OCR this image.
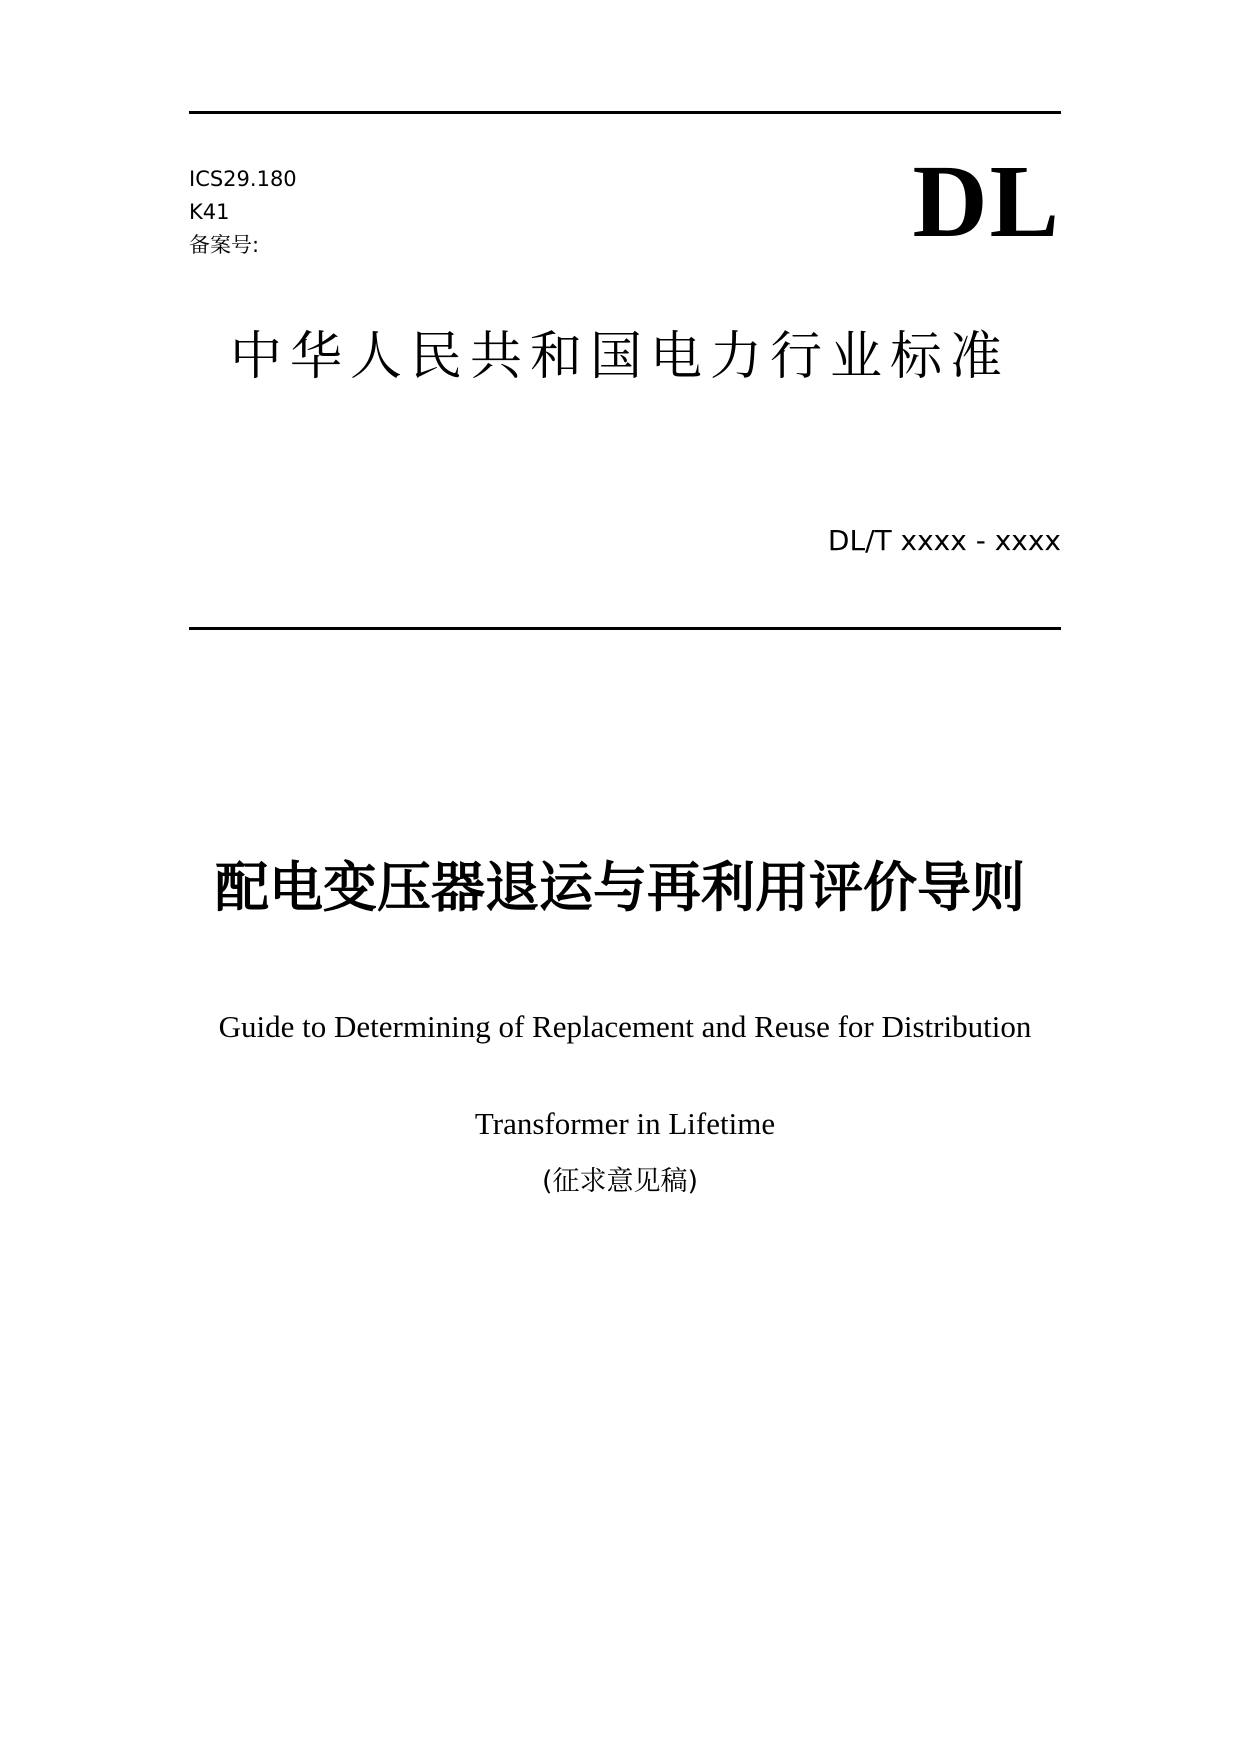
ICS29.180
K41
备案号:	DL
中华人民共和国电力行业标准
DL/T xxxx - xxxx
配电变压器退运与再利用评价导则
Guide to Determining of Replacement and Reuse for Distribution
Transformer in Lifetime
(征求意见稿)
